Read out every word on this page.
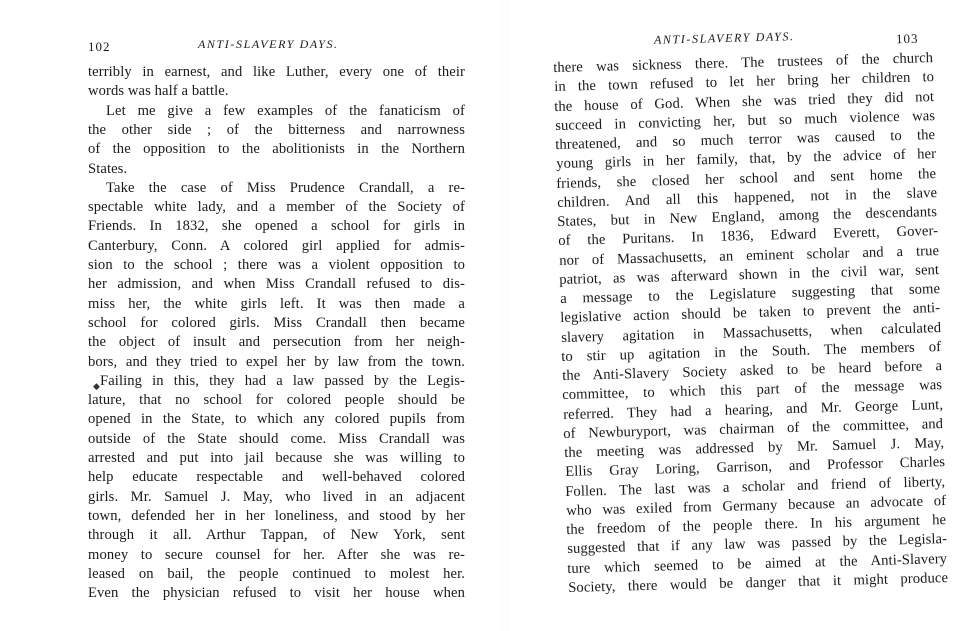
102	ANTI-SLAVERY DAYS.
◆
terribly in earnest, and like Luther, every one of their
words was half a battle.
Let me give a few examples of the fanaticism of
the other side ; of the bitterness and narrowness
of the opposition to the abolitionists in the Northern
States.
Take the case of Miss Prudence Crandall, a re-
spectable white lady, and a member of the Society of
Friends. In 1832, she opened a school for girls in
Canterbury, Conn. A colored girl applied for admis-
sion to the school ; there was a violent opposition to
her admission, and when Miss Crandall refused to dis-
miss her, the white girls left. It was then made a
school for colored girls. Miss Crandall then became
the object of insult and persecution from her neigh-
bors, and they tried to expel her by law from the town.
Failing in this, they had a law passed by the Legis-
lature, that no school for colored people should be
opened in the State, to which any colored pupils from
outside of the State should come. Miss Crandall was
arrested and put into jail because she was willing to
help educate respectable and well-behaved colored
girls. Mr. Samuel J. May, who lived in an adjacent
town, defended her in her loneliness, and stood by her
through it all. Arthur Tappan, of New York, sent
money to secure counsel for her. After she was re-
leased on bail, the people continued to molest her.
Even the physician refused to visit her house when
ANTI-SLAVERY DAYS.	103
there was sickness there. The trustees of the church
in the town refused to let her bring her children to
the house of God. When she was tried they did not
succeed in convicting her, but so much violence was
threatened, and so much terror was caused to the
young girls in her family, that, by the advice of her
friends, she closed her school and sent home the
children. And all this happened, not in the slave
States, but in New England, among the descendants
of the Puritans. In 1836, Edward Everett, Gover-
nor of Massachusetts, an eminent scholar and a true
patriot, as was afterward shown in the civil war, sent
a message to the Legislature suggesting that some
legislative action should be taken to prevent the anti-
slavery agitation in Massachusetts, when calculated
to stir up agitation in the South. The members of
the Anti-Slavery Society asked to be heard before a
committee, to which this part of the message was
referred. They had a hearing, and Mr. George Lunt,
of Newburyport, was chairman of the committee, and
the meeting was addressed by Mr. Samuel J. May,
Ellis Gray Loring, Garrison, and Professor Charles
Follen. The last was a scholar and friend of liberty,
who was exiled from Germany because an advocate of
the freedom of the people there. In his argument he
suggested that if any law was passed by the Legisla-
ture which seemed to be aimed at the Anti-Slavery
Society, there would be danger that it might produce
